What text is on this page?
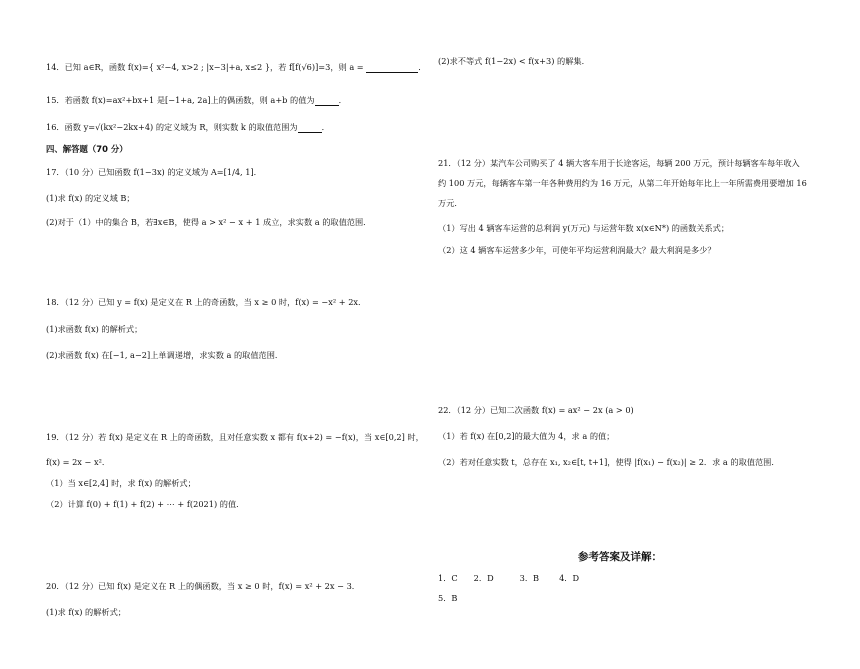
14．已知 a∈R，函数 f(x)={ x²−4, x>2 ; |x−3|+a, x≤2 }，若 f[f(√6)]=3，则 a =	．
15．若函数 f(x)=ax²+bx+1 是[−1+a, 2a]上的偶函数，则 a+b 的值为	．
16．函数 y=√(kx²−2kx+4) 的定义域为 R，则实数 k 的取值范围为	．
四、解答题（70 分）
17．（10 分）已知函数 f(1−3x) 的定义域为 A=[1/4, 1]．
(1)求 f(x) 的定义域 B；
(2)对于（1）中的集合 B，若∃x∈B，使得 a > x² − x + 1 成立，求实数 a 的取值范围．
18．（12 分）已知 y = f(x) 是定义在 R 上的奇函数，当 x ≥ 0 时，f(x) = −x² + 2x．
(1)求函数 f(x) 的解析式；
(2)求函数 f(x) 在[−1, a−2]上单调递增，求实数 a 的取值范围．
19．（12 分）若 f(x) 是定义在 R 上的奇函数，且对任意实数 x 都有 f(x+2) = −f(x)，当 x∈[0,2] 时，
f(x) = 2x − x²．
（1）当 x∈[2,4] 时，求 f(x) 的解析式；
（2）计算 f(0) + f(1) + f(2) + ⋯ + f(2021) 的值．
20．（12 分）已知 f(x) 是定义在 R 上的偶函数，当 x ≥ 0 时，f(x) = x² + 2x − 3．
(1)求 f(x) 的解析式；
(2)求不等式 f(1−2x) < f(x+3) 的解集．
21．（12 分）某汽车公司购买了 4 辆大客车用于长途客运，每辆 200 万元，预计每辆客车每年收入
约 100 万元，每辆客车第一年各种费用约为 16 万元，从第二年开始每年比上一年所需费用要增加 16
万元．
（1）写出 4 辆客车运营的总利润 y(万元) 与运营年数 x(x∈N*) 的函数关系式；
（2）这 4 辆客车运营多少年，可使年平均运营利润最大？最大利润是多少？
22．（12 分）已知二次函数 f(x) = ax² − 2x (a > 0)
（1）若 f(x) 在[0,2]的最大值为 4，求 a 的值；
（2）若对任意实数 t，总存在 x₁, x₂∈[t, t+1]，使得 |f(x₁) − f(x₂)| ≥ 2．求 a 的取值范围．
参考答案及详解：
1．C 2．D	3．B 4．D
5．B
